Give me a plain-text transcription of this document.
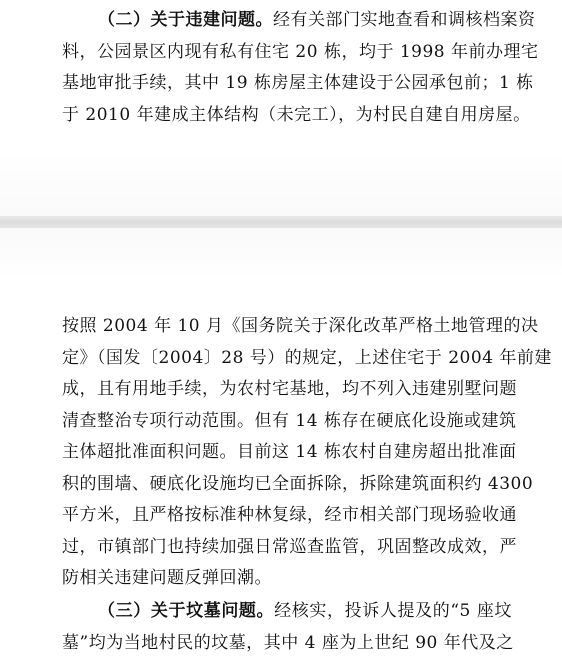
（二）关于违建问题。经有关部门实地查看和调核档案资
料，公园景区内现有私有住宅 20 栋，均于 1998 年前办理宅
基地审批手续，其中 19 栋房屋主体建设于公园承包前；1 栋
于 2010 年建成主体结构（未完工），为村民自建自用房屋。
按照 2004 年 10 月《国务院关于深化改革严格土地管理的决
定》（国发〔2004〕28 号）的规定，上述住宅于 2004 年前建
成，且有用地手续，为农村宅基地，均不列入违建别墅问题
清查整治专项行动范围。但有 14 栋存在硬底化设施或建筑
主体超批准面积问题。目前这 14 栋农村自建房超出批准面
积的围墙、硬底化设施均已全面拆除，拆除建筑面积约 4300
平方米，且严格按标准种林复绿，经市相关部门现场验收通
过，市镇部门也持续加强日常巡查监管，巩固整改成效，严
防相关违建问题反弹回潮。
（三）关于坟墓问题。经核实，投诉人提及的“5 座坟
墓”均为当地村民的坟墓，其中 4 座为上世纪 90 年代及之
